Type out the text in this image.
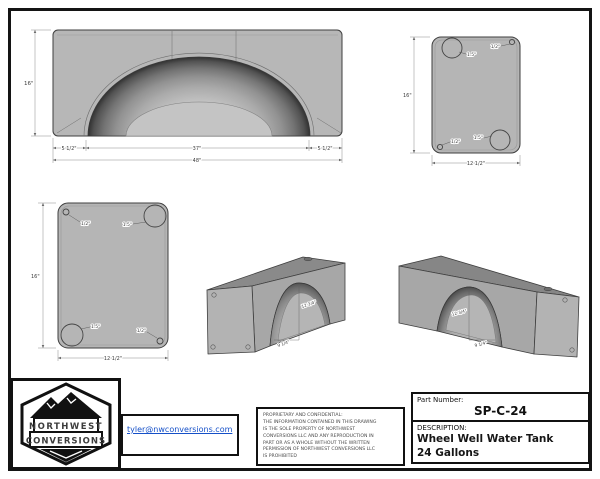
16"
5 1/2"	37"	5 1/2"
48"
1.5"
1/2"
1/2"
1.5"
16"
12 1/2"
1/2"	1.5"
1.5"
1/2"
16"
12 1/2"
12 3/4"
9 1/4"
12 3/4"
9 1/4"
NORTHWEST
CONVERSIONS
tyler@nwconversions.com
PROPRIETARY AND CONFIDENTIAL:
THE INFORMATION CONTAINED IN THIS DRAWING
IS THE SOLE PROPERTY OF NORTHWEST
CONVERSIONS LLC AND ANY REPRODUCTION IN
PART OR AS A WHOLE WITHOUT THE WRITTEN
PERMISSION OF NORTHWEST CONVERSIONS LLC
IS PROHIBITED
Part Number:
SP-C-24
DESCRIPTION:
Wheel Well Water Tank
24 Gallons
